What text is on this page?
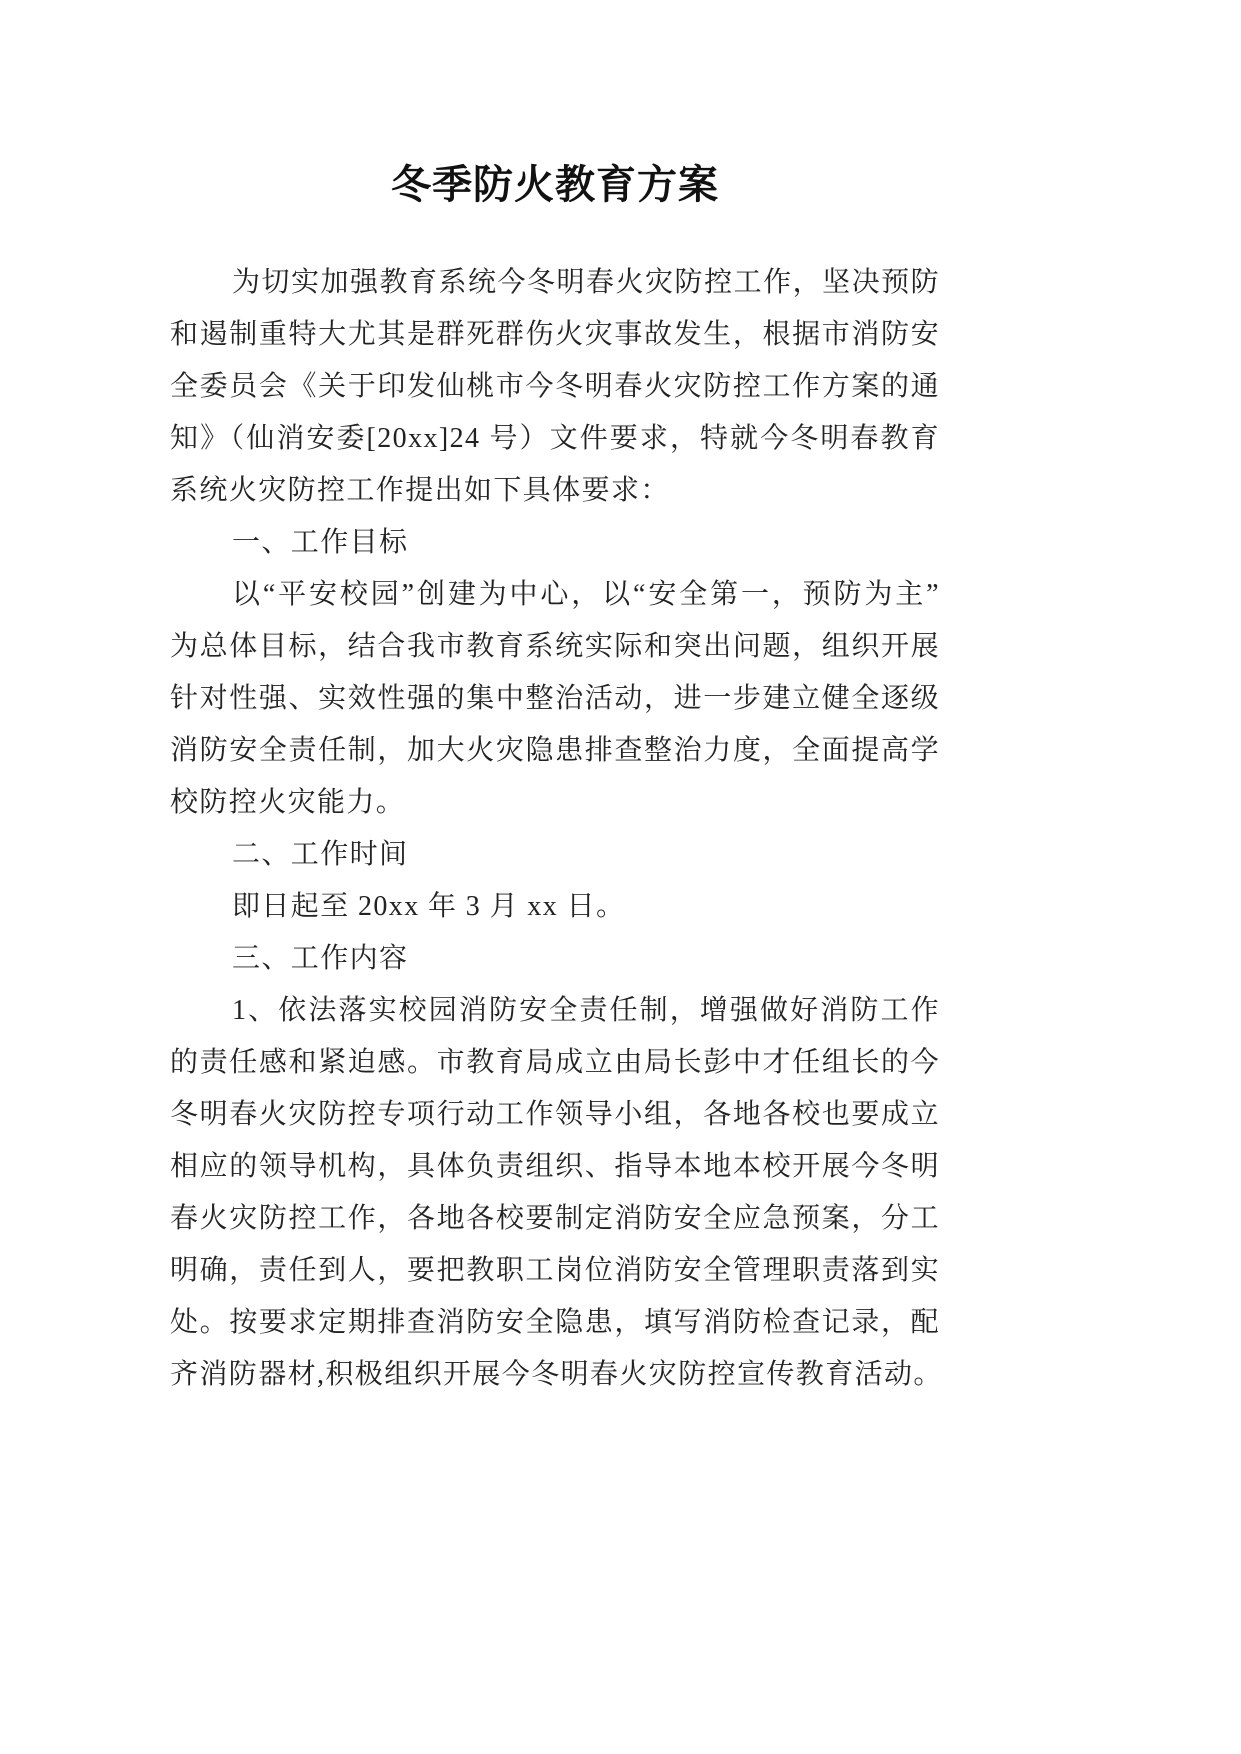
冬季防火教育方案
为切实加强教育系统今冬明春火灾防控工作，坚决预防
和遏制重特大尤其是群死群伤火灾事故发生，根据市消防安
全委员会《关于印发仙桃市今冬明春火灾防控工作方案的通
知》（仙消安委[20xx]24 号）文件要求，特就今冬明春教育
系统火灾防控工作提出如下具体要求：
一、工作目标
以“平安校园”创建为中心，以“安全第一，预防为主”
为总体目标，结合我市教育系统实际和突出问题，组织开展
针对性强、实效性强的集中整治活动，进一步建立健全逐级
消防安全责任制，加大火灾隐患排查整治力度，全面提高学
校防控火灾能力。
二、工作时间
即日起至 20xx 年 3 月 xx 日。
三、工作内容
1、依法落实校园消防安全责任制，增强做好消防工作
的责任感和紧迫感。市教育局成立由局长彭中才任组长的今
冬明春火灾防控专项行动工作领导小组，各地各校也要成立
相应的领导机构，具体负责组织、指导本地本校开展今冬明
春火灾防控工作，各地各校要制定消防安全应急预案，分工
明确，责任到人，要把教职工岗位消防安全管理职责落到实
处。按要求定期排查消防安全隐患，填写消防检查记录，配
齐消防器材,积极组织开展今冬明春火灾防控宣传教育活动。
